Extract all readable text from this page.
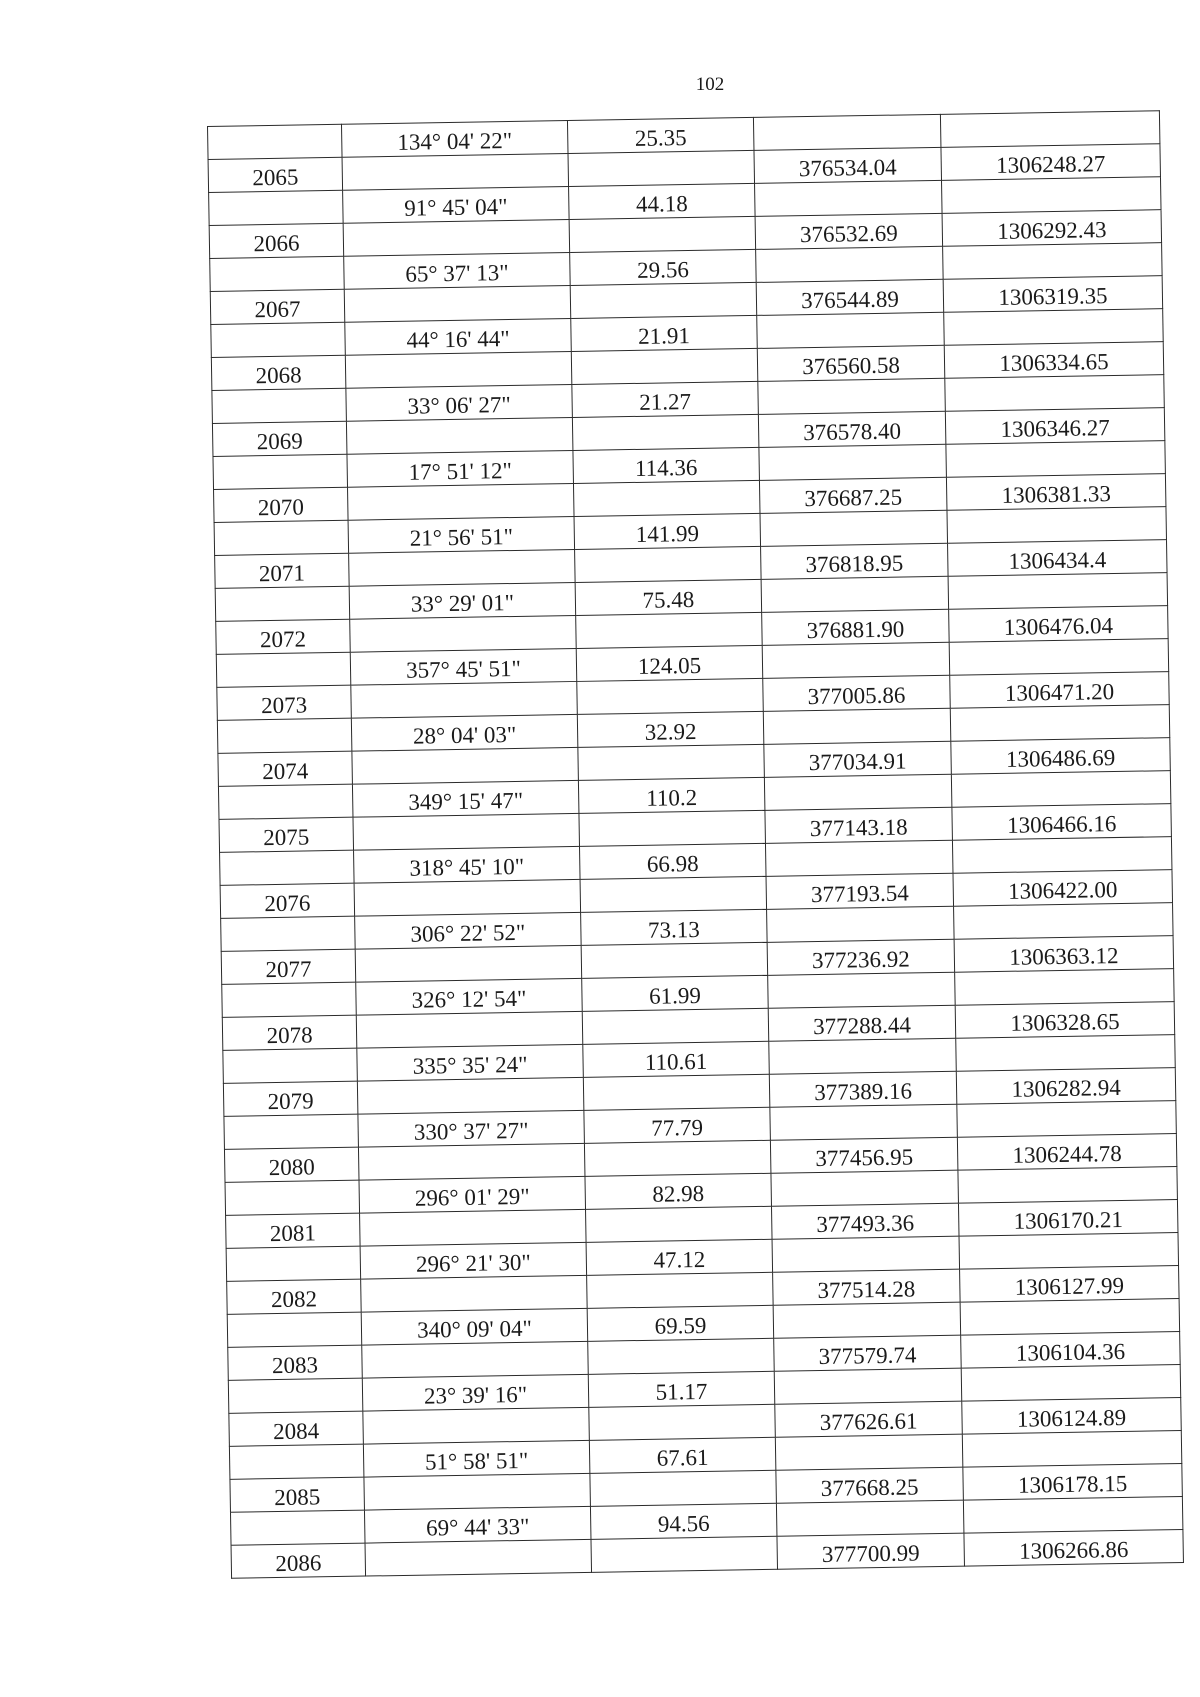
102
	134° 04' 22"	25.35		
2065			376534.04	1306248.27
	91° 45' 04"	44.18		
2066			376532.69	1306292.43
	65° 37' 13"	29.56		
2067			376544.89	1306319.35
	44° 16' 44"	21.91		
2068			376560.58	1306334.65
	33° 06' 27"	21.27		
2069			376578.40	1306346.27
	17° 51' 12"	114.36		
2070			376687.25	1306381.33
	21° 56' 51"	141.99		
2071			376818.95	1306434.4
	33° 29' 01"	75.48		
2072			376881.90	1306476.04
	357° 45' 51"	124.05		
2073			377005.86	1306471.20
	28° 04' 03"	32.92		
2074			377034.91	1306486.69
	349° 15' 47"	110.2		
2075			377143.18	1306466.16
	318° 45' 10"	66.98		
2076			377193.54	1306422.00
	306° 22' 52"	73.13		
2077			377236.92	1306363.12
	326° 12' 54"	61.99		
2078			377288.44	1306328.65
	335° 35' 24"	110.61		
2079			377389.16	1306282.94
	330° 37' 27"	77.79		
2080			377456.95	1306244.78
	296° 01' 29"	82.98		
2081			377493.36	1306170.21
	296° 21' 30"	47.12		
2082			377514.28	1306127.99
	340° 09' 04"	69.59		
2083			377579.74	1306104.36
	23° 39' 16"	51.17		
2084			377626.61	1306124.89
	51° 58' 51"	67.61		
2085			377668.25	1306178.15
	69° 44' 33"	94.56		
2086			377700.99	1306266.86
